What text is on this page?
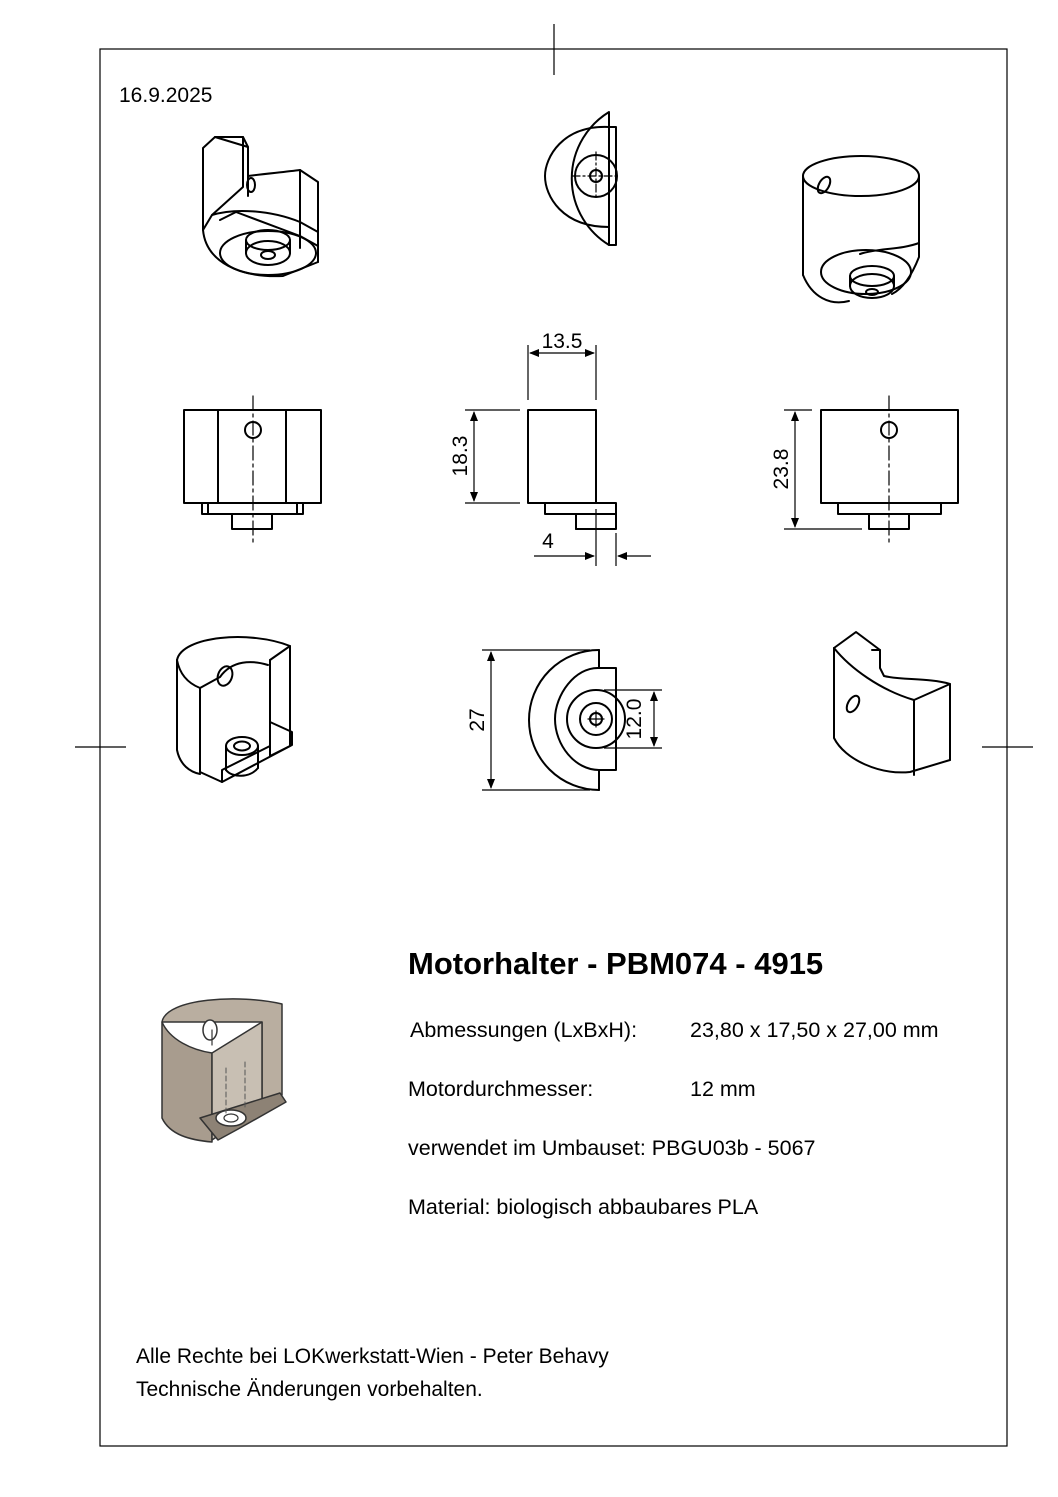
13.5
18.3
4
23.8
27	12.0
16.9.2025
Motorhalter - PBM074 - 4915
Abmessungen (LxBxH): 23,80 x 17,50 x 27,00 mm
Motordurchmesser:	12 mm
verwendet im Umbauset: PBGU03b - 5067
Material: biologisch abbaubares PLA
Alle Rechte bei LOKwerkstatt-Wien - Peter Behavy
Technische Änderungen vorbehalten.
